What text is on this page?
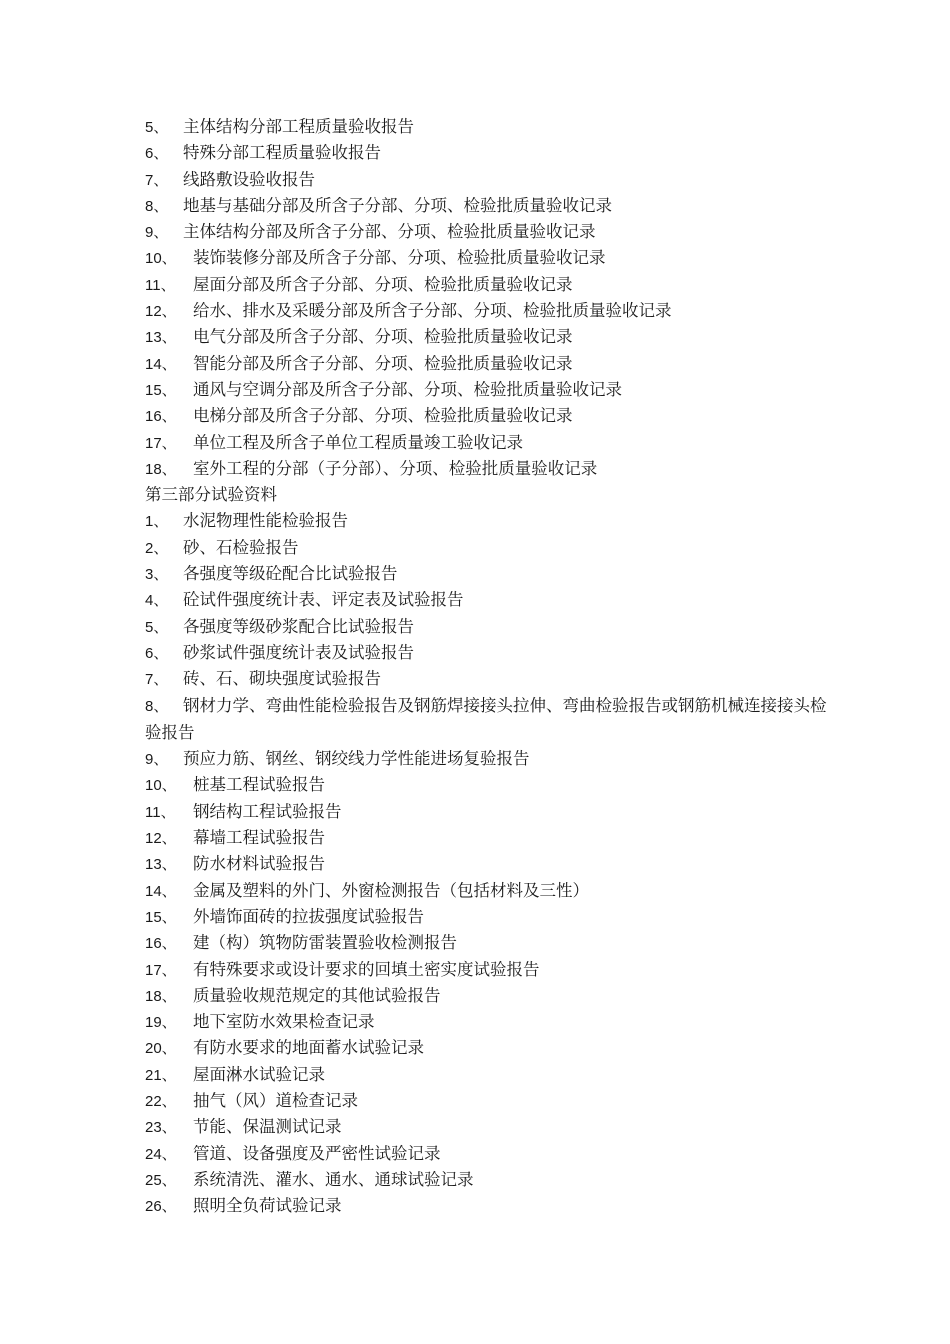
5、 主体结构分部工程质量验收报告
6、 特殊分部工程质量验收报告
7、 线路敷设验收报告
8、 地基与基础分部及所含子分部、分项、检验批质量验收记录
9、 主体结构分部及所含子分部、分项、检验批质量验收记录
10、 装饰装修分部及所含子分部、分项、检验批质量验收记录
11、 屋面分部及所含子分部、分项、检验批质量验收记录
12、 给水、排水及采暖分部及所含子分部、分项、检验批质量验收记录
13、 电气分部及所含子分部、分项、检验批质量验收记录
14、 智能分部及所含子分部、分项、检验批质量验收记录
15、 通风与空调分部及所含子分部、分项、检验批质量验收记录
16、 电梯分部及所含子分部、分项、检验批质量验收记录
17、 单位工程及所含子单位工程质量竣工验收记录
18、 室外工程的分部（子分部）、分项、检验批质量验收记录
第三部分试验资料
1、 水泥物理性能检验报告
2、 砂、石检验报告
3、 各强度等级砼配合比试验报告
4、 砼试件强度统计表、评定表及试验报告
5、 各强度等级砂浆配合比试验报告
6、 砂浆试件强度统计表及试验报告
7、 砖、石、砌块强度试验报告
8、 钢材力学、弯曲性能检验报告及钢筋焊接接头拉伸、弯曲检验报告或钢筋机械连接接头检验报告
9、 预应力筋、钢丝、钢绞线力学性能进场复验报告
10、 桩基工程试验报告
11、 钢结构工程试验报告
12、 幕墙工程试验报告
13、 防水材料试验报告
14、 金属及塑料的外门、外窗检测报告（包括材料及三性）
15、 外墙饰面砖的拉拔强度试验报告
16、 建（构）筑物防雷装置验收检测报告
17、 有特殊要求或设计要求的回填土密实度试验报告
18、 质量验收规范规定的其他试验报告
19、 地下室防水效果检查记录
20、 有防水要求的地面蓄水试验记录
21、 屋面淋水试验记录
22、 抽气（风）道检查记录
23、 节能、保温测试记录
24、 管道、设备强度及严密性试验记录
25、 系统清洗、灌水、通水、通球试验记录
26、 照明全负荷试验记录
